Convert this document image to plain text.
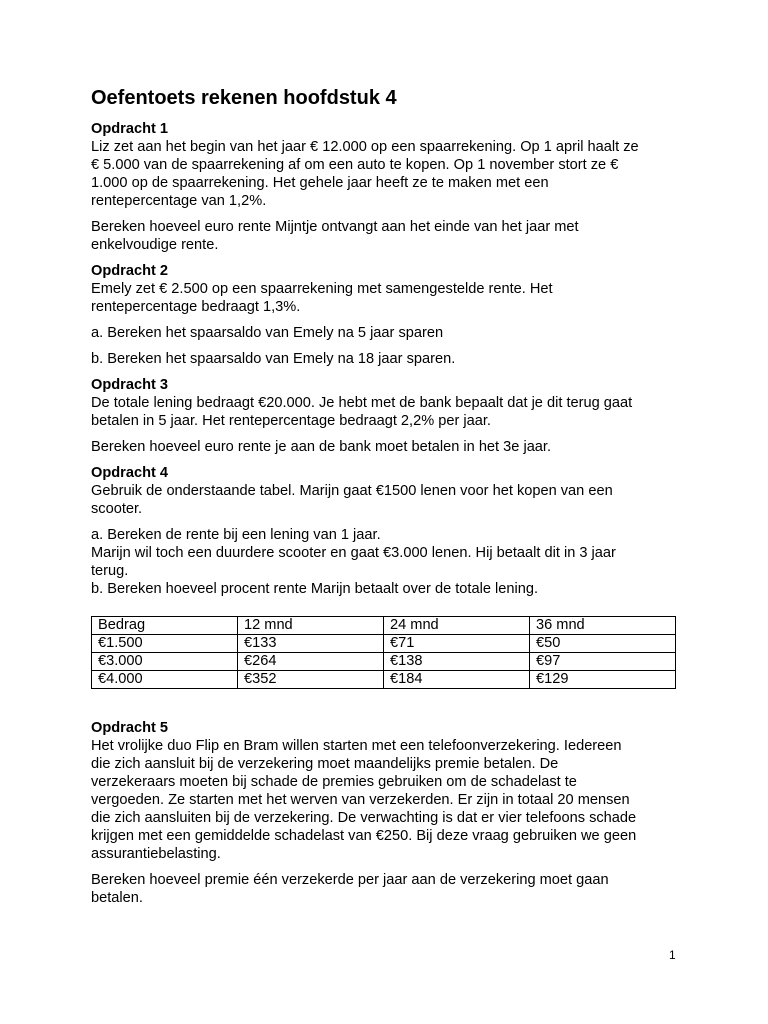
Oefentoets rekenen hoofdstuk 4

Opdracht 1

Liz zet aan het begin van het jaar € 12.000 op een spaarrekening. Op 1 april haalt ze

€ 5.000 van de spaarrekening af om een auto te kopen. Op 1 november stort ze €

1.000 op de spaarrekening. Het gehele jaar heeft ze te maken met een

rentepercentage van 1,2%.

Bereken hoeveel euro rente Mijntje ontvangt aan het einde van het jaar met

enkelvoudige rente.

Opdracht 2

Emely zet € 2.500 op een spaarrekening met samengestelde rente. Het

rentepercentage bedraagt 1,3%.

a. Bereken het spaarsaldo van Emely na 5 jaar sparen

b. Bereken het spaarsaldo van Emely na 18 jaar sparen.

Opdracht 3

De totale lening bedraagt €20.000. Je hebt met de bank bepaalt dat je dit terug gaat

betalen in 5 jaar. Het rentepercentage bedraagt 2,2% per jaar.

Bereken hoeveel euro rente je aan de bank moet betalen in het 3e jaar.

Opdracht 4

Gebruik de onderstaande tabel. Marijn gaat €1500 lenen voor het kopen van een

scooter.

a. Bereken de rente bij een lening van 1 jaar.

Marijn wil toch een duurdere scooter en gaat €3.000 lenen. Hij betaalt dit in 3 jaar

terug.

b. Bereken hoeveel procent rente Marijn betaalt over de totale lening.

Bedrag	12 mnd	24 mnd	36 mnd
€1.500	€133	€71	€50
€3.000	€264	€138	€97
€4.000	€352	€184	€129

Opdracht 5

Het vrolijke duo Flip en Bram willen starten met een telefoonverzekering. Iedereen

die zich aansluit bij de verzekering moet maandelijks premie betalen. De

verzekeraars moeten bij schade de premies gebruiken om de schadelast te

vergoeden. Ze starten met het werven van verzekerden. Er zijn in totaal 20 mensen

die zich aansluiten bij de verzekering. De verwachting is dat er vier telefoons schade

krijgen met een gemiddelde schadelast van €250. Bij deze vraag gebruiken we geen

assurantiebelasting.

Bereken hoeveel premie één verzekerde per jaar aan de verzekering moet gaan

betalen.

1
